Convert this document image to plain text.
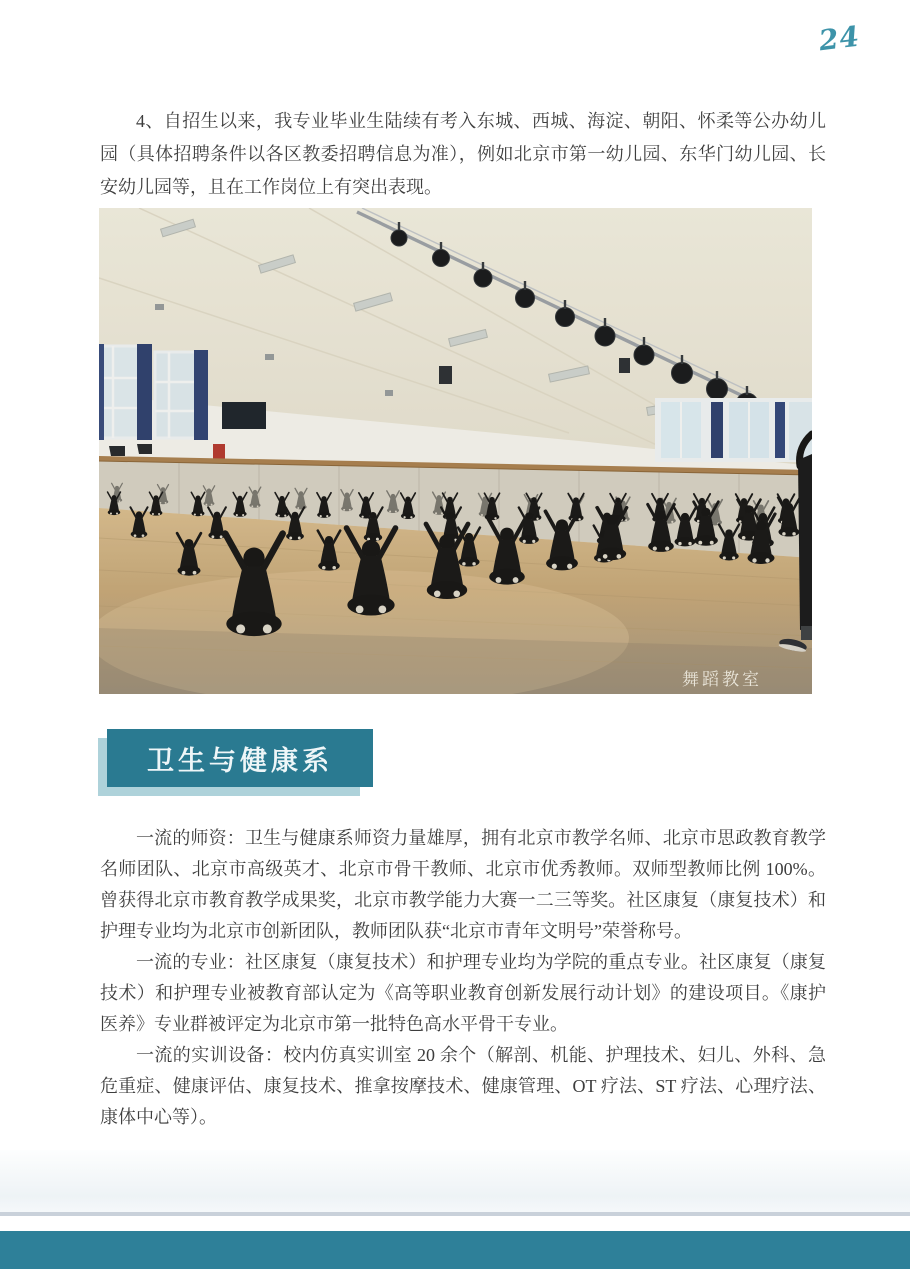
24

4、自招生以来，我专业毕业生陆续有考入东城、西城、海淀、朝阳、怀柔等公办幼儿园（具体招聘条件以各区教委招聘信息为准），例如北京市第一幼儿园、东华门幼儿园、长安幼儿园等，且在工作岗位上有突出表现。

舞蹈教室
卫生与健康系

一流的师资：卫生与健康系师资力量雄厚，拥有北京市教学名师、北京市思政教育教学名师团队、北京市高级英才、北京市骨干教师、北京市优秀教师。双师型教师比例 100%。曾获得北京市教育教学成果奖，北京市教学能力大赛一二三等奖。社区康复（康复技术）和护理专业均为北京市创新团队，教师团队获“北京市青年文明号”荣誉称号。

一流的专业：社区康复（康复技术）和护理专业均为学院的重点专业。社区康复（康复技术）和护理专业被教育部认定为《高等职业教育创新发展行动计划》的建设项目。《康护医养》专业群被评定为北京市第一批特色高水平骨干专业。

一流的实训设备：校内仿真实训室 20 余个（解剖、机能、护理技术、妇儿、外科、急危重症、健康评估、康复技术、推拿按摩技术、健康管理、OT 疗法、ST 疗法、心理疗法、康体中心等）。
